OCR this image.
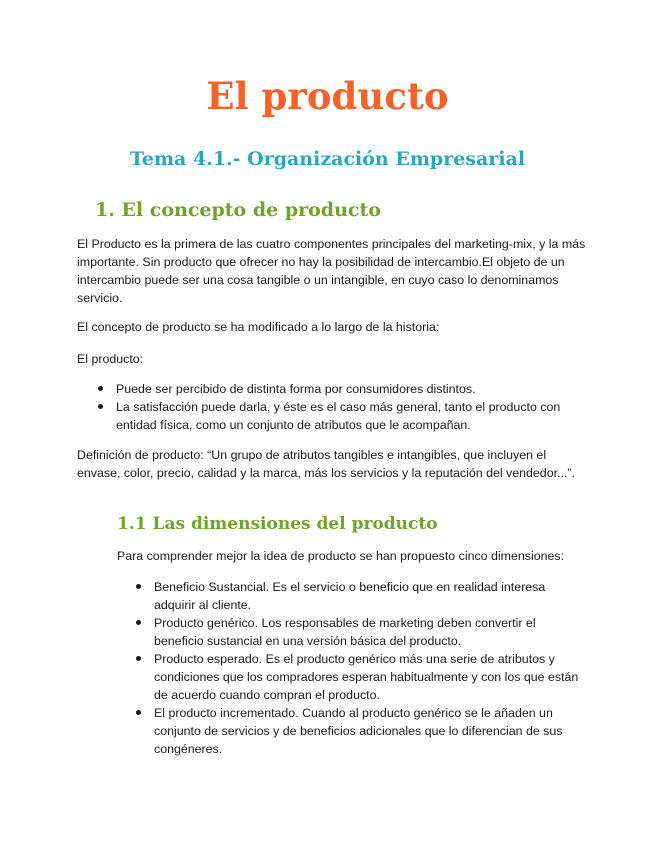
El producto
Tema 4.1.- Organización Empresarial
1. El concepto de producto

El Producto es la primera de las cuatro componentes principales del marketing-mix, y la más importante. Sin producto que ofrecer no hay la posibilidad de intercambio.El objeto de un intercambio puede ser una cosa tangible o un intangible, en cuyo caso lo denominamos servicio.

El concepto de producto se ha modificado a lo largo de la historia:

El producto:

Puede ser percibido de distinta forma por consumidores distintos.
La satisfacción puede darla, y éste es el caso más general, tanto el producto con entidad física, como un conjunto de atributos que le acompañan.

Definición de producto: “Un grupo de atributos tangibles e intangibles, que incluyen el envase, color, precio, calidad y la marca, más los servicios y la reputación del vendedor...”.

1.1 Las dimensiones del producto

Para comprender mejor la idea de producto se han propuesto cinco dimensiones:

Beneficio Sustancial. Es el servicio o beneficio que en realidad interesa adquirir al cliente.
Producto genérico. Los responsables de marketing deben convertir el beneficio sustancial en una versión básica del producto.
Producto esperado. Es el producto genérico más una serie de atributos y condiciones que los compradores esperan habitualmente y con los que están de acuerdo cuando compran el producto.
El producto incrementado. Cuando al producto genérico se le añaden un conjunto de servicios y de beneficios adicionales que lo diferencian de sus congéneres.
